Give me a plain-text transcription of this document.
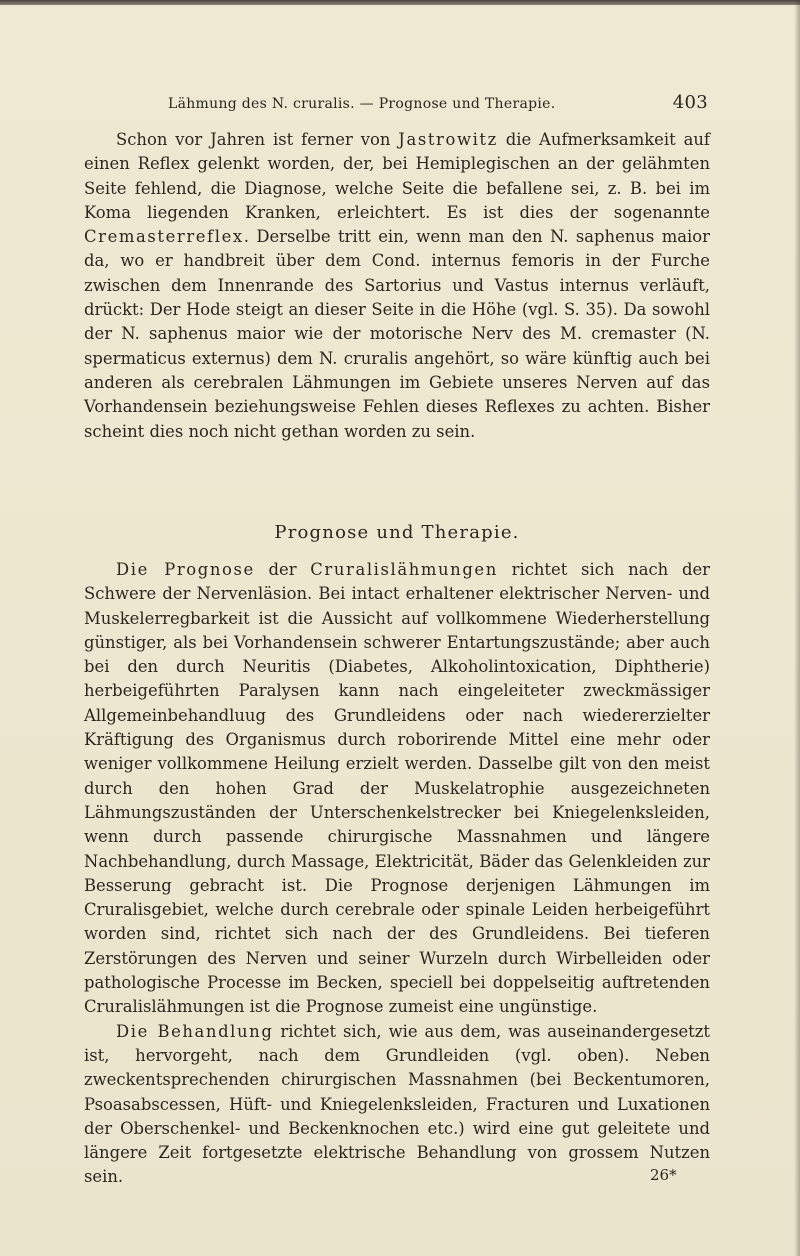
Lähmung des N. cruralis. — Prognose und Therapie.	403

Schon vor Jahren ist ferner von Jastrowitz die Aufmerksamkeit auf einen Reflex gelenkt worden, der, bei Hemiplegischen an der gelähmten Seite fehlend, die Diagnose, welche Seite die befallene sei, z. B. bei im Koma liegenden Kranken, erleichtert. Es ist dies der sogenannte Cremasterreflex. Derselbe tritt ein, wenn man den N. saphenus maior da, wo er handbreit über dem Cond. internus femoris in der Furche zwischen dem Innenrande des Sartorius und Vastus internus verläuft, drückt: Der Hode steigt an dieser Seite in die Höhe (vgl. S. 35). Da sowohl der N. saphenus maior wie der motorische Nerv des M. cremaster (N. spermaticus externus) dem N. cruralis angehört, so wäre künftig auch bei anderen als cerebralen Lähmungen im Gebiete unseres Nerven auf das Vorhandensein beziehungsweise Fehlen dieses Reflexes zu achten. Bisher scheint dies noch nicht gethan worden zu sein.

Prognose und Therapie.

Die Prognose der Cruralislähmungen richtet sich nach der Schwere der Nervenläsion. Bei intact erhaltener elektrischer Nerven- und Muskelerregbarkeit ist die Aussicht auf vollkommene Wiederherstellung günstiger, als bei Vorhandensein schwerer Entartungszustände; aber auch bei den durch Neuritis (Diabetes, Alkoholintoxication, Diphtherie) herbeigeführten Paralysen kann nach eingeleiteter zweckmässiger Allgemeinbehandluug des Grundleidens oder nach wiedererzielter Kräftigung des Organismus durch roborirende Mittel eine mehr oder weniger vollkommene Heilung erzielt werden. Dasselbe gilt von den meist durch den hohen Grad der Muskelatrophie ausgezeichneten Lähmungszuständen der Unterschenkelstrecker bei Kniegelenksleiden, wenn durch passende chirurgische Massnahmen und längere Nachbehandlung, durch Massage, Elektricität, Bäder das Gelenkleiden zur Besserung gebracht ist. Die Prognose derjenigen Lähmungen im Cruralisgebiet, welche durch cerebrale oder spinale Leiden herbeigeführt worden sind, richtet sich nach der des Grundleidens. Bei tieferen Zerstörungen des Nerven und seiner Wurzeln durch Wirbelleiden oder pathologische Processe im Becken, speciell bei doppelseitig auftretenden Cruralislähmungen ist die Prognose zumeist eine ungünstige.

Die Behandlung richtet sich, wie aus dem, was auseinandergesetzt ist, hervorgeht, nach dem Grundleiden (vgl. oben). Neben zweckentsprechenden chirurgischen Massnahmen (bei Beckentumoren, Psoasabscessen, Hüft- und Kniegelenksleiden, Fracturen und Luxationen der Oberschenkel- und Beckenknochen etc.) wird eine gut geleitete und längere Zeit fortgesetzte elektrische Behandlung von grossem Nutzen sein.	26*
